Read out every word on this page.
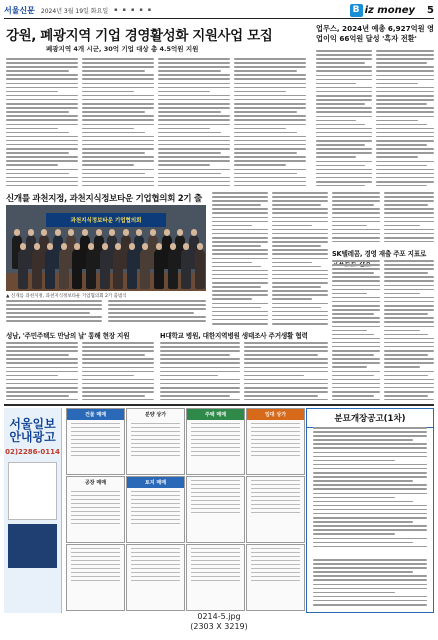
서울신문 2024년 3월 19일 화요일 ▪ ▪ ▪ ▪ ▪	B iz money 5
강원, 폐광지역 기업 경영활성화 지원사업 모집
폐광지역 4개 시군, 30억 기업 대상 총 4.5억원 지원
업무스, 2024년 예총 6,927억원 영업이익 66억원 달성 '흑자 전환'
신개를 과천지정, 과천지식정보타운 기업협의회 2기 출
과천지식정보타운 기업협의회
▲ 신개를 과천지정, 과천지식정보타운 기업협의회 2기 출범식
SK텔레콤, 경영 재출 주포 지표로
성남, '주민주택도 만남의 날' 통해 현장 지원	H대학교 병원, 대한지역병원 생태조사 주거생활 협력
서울일보
안내광고
02)2286-0114
건물 매매	분양 상가	주택 매매	임대 상가
공장 매매	토지 매매
분묘개장공고(1차)
0214-5.jpg
(2303 X 3219)
